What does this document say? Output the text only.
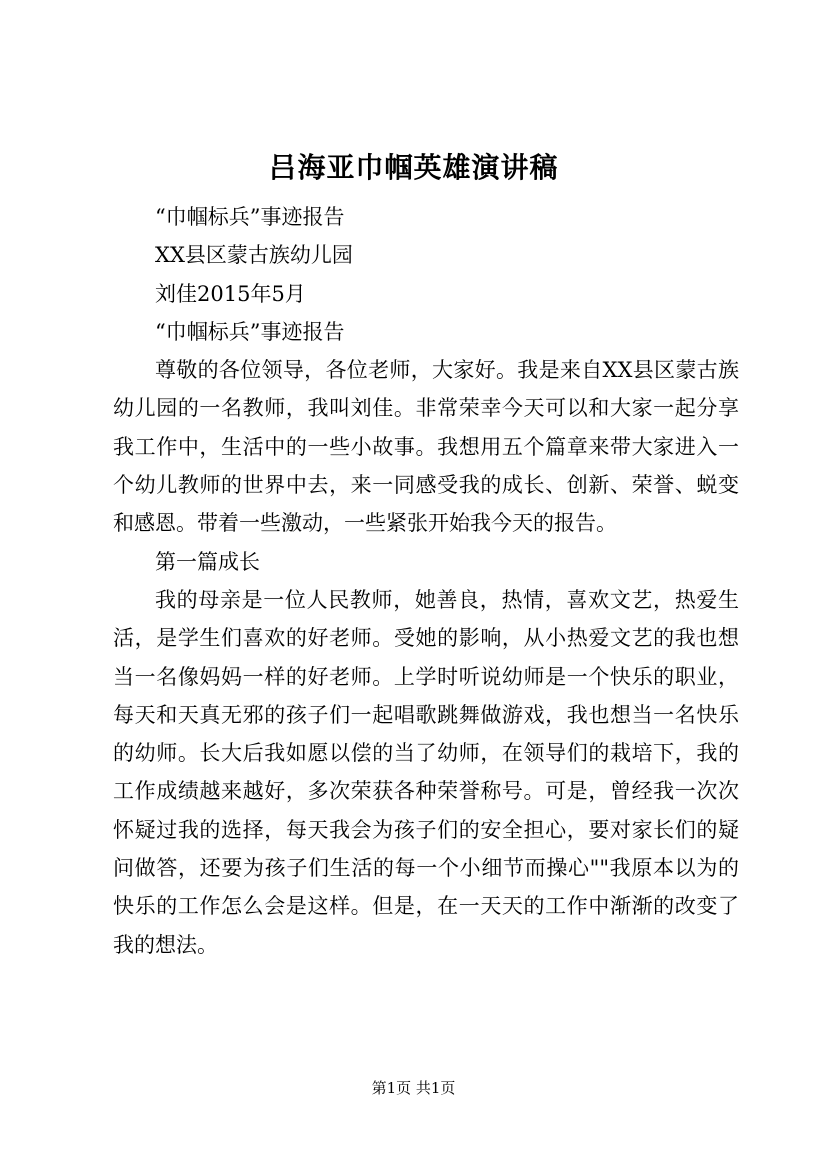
吕海亚巾帼英雄演讲稿

“巾帼标兵”事迹报告

XX县区蒙古族幼儿园

刘佳2015年5月

“巾帼标兵”事迹报告

尊敬的各位领导，各位老师，大家好。我是来自XX县区蒙古族幼儿园的一名教师，我叫刘佳。非常荣幸今天可以和大家一起分享我工作中，生活中的一些小故事。我想用五个篇章来带大家进入一个幼儿教师的世界中去，来一同感受我的成长、创新、荣誉、蜕变和感恩。带着一些激动，一些紧张开始我今天的报告。

第一篇成长

我的母亲是一位人民教师，她善良，热情，喜欢文艺，热爱生活，是学生们喜欢的好老师。受她的影响，从小热爱文艺的我也想当一名像妈妈一样的好老师。上学时听说幼师是一个快乐的职业，每天和天真无邪的孩子们一起唱歌跳舞做游戏，我也想当一名快乐的幼师。长大后我如愿以偿的当了幼师，在领导们的栽培下，我的工作成绩越来越好，多次荣获各种荣誉称号。可是，曾经我一次次怀疑过我的选择，每天我会为孩子们的安全担心，要对家长们的疑问做答，还要为孩子们生活的每一个小细节而操心""我原本以为的快乐的工作怎么会是这样。但是，在一天天的工作中渐渐的改变了我的想法。

第1页 共1页
